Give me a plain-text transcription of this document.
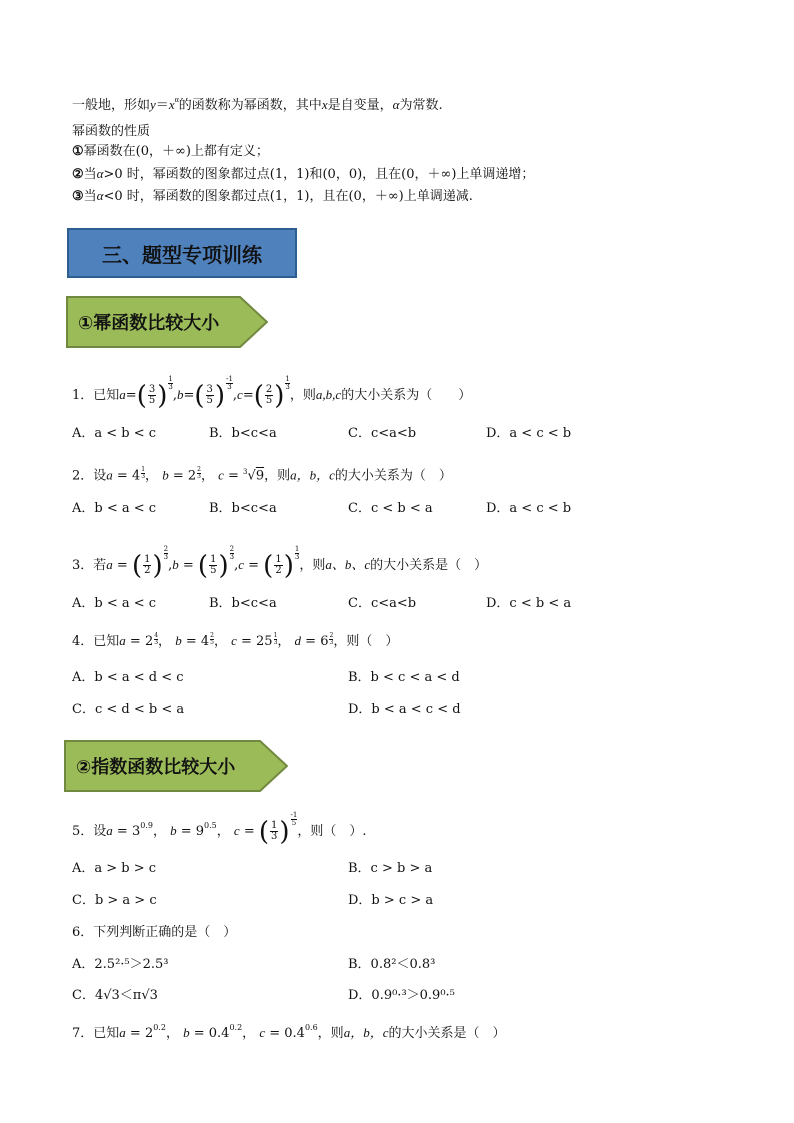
一般地，形如$y=x^\alpha$的函数称为幂函数，其中x是自变量，α为常数.
幂函数的性质
①幂函数在(0，＋∞)上都有定义；
②当α>0 时，幂函数的图象都过点(1，1)和(0，0)，且在(0，＋∞)上单调递增；
③当α<0 时，幂函数的图象都过点(1，1)，且在(0，＋∞)上单调递减.
三、题型专项训练
①幂函数比较大小
1．已知a= ( $\frac{3}{5}$ ) $\frac{1}{3}$
,b= ( $\frac{3}{5}$ ) $\frac{-1}{3}$
,c= ( $\frac{2}{5}$ ) $\frac{1}{3}$
，则a,b,c的大小关系为（　　）
A．a < b < c	B．b<c<a	C．c<a<b	D．a < c < b
2．设$a = 4 \frac{1}{3}$ ， $b = 2 \frac{2}{3}$ ， c = $^3$√9，则a，b，c的大小关系为（　）
A．b < a < c	B．b<c<a	C．c < b < a	D．a < c < b
3．若a = ( $\frac{1}{2}$ ) $\frac{2}{3}$
,b = ( $\frac{1}{5}$ ) $\frac{2}{3}$
,c = ( $\frac{1}{2}$ ) $\frac{1}{3}$
，则a、b、c的大小关系是（　）
A．b < a < c	B．b<c<a	C．c<a<b	D．c < b < a
4．已知$a = 2 \frac{4}{3}$ ， $b = 4 \frac{2}{5}$ ， $c = 25 \frac{1}{3}$ ， $d = 6 \frac{2}{3}$ ，则（　）
A．b < a < d < c	B．b < c < a < d
C．c < d < b < a	D．b < a < c < d
②指数函数比较大小
5．设$a = 3^{0.9}$， $b = 9^{0.5}$， c = ( $\frac{1}{3}$ ) $\frac{-1}{5}$
，则（　）.
A．a > b > c	B．c > b > a
C．b > a > c	D．b > c > a
6．下列判断正确的是（　）
A．2.5²·⁵＞2.5³	B．0.8²＜0.8³
C．4√3＜π√3	D．0.9⁰·³＞0.9⁰·⁵
7．已知$a = 2^{0.2}$， $b = 0.4^{0.2}$， $c = 0.4^{0.6}$，则a，b，c的大小关系是（　）
